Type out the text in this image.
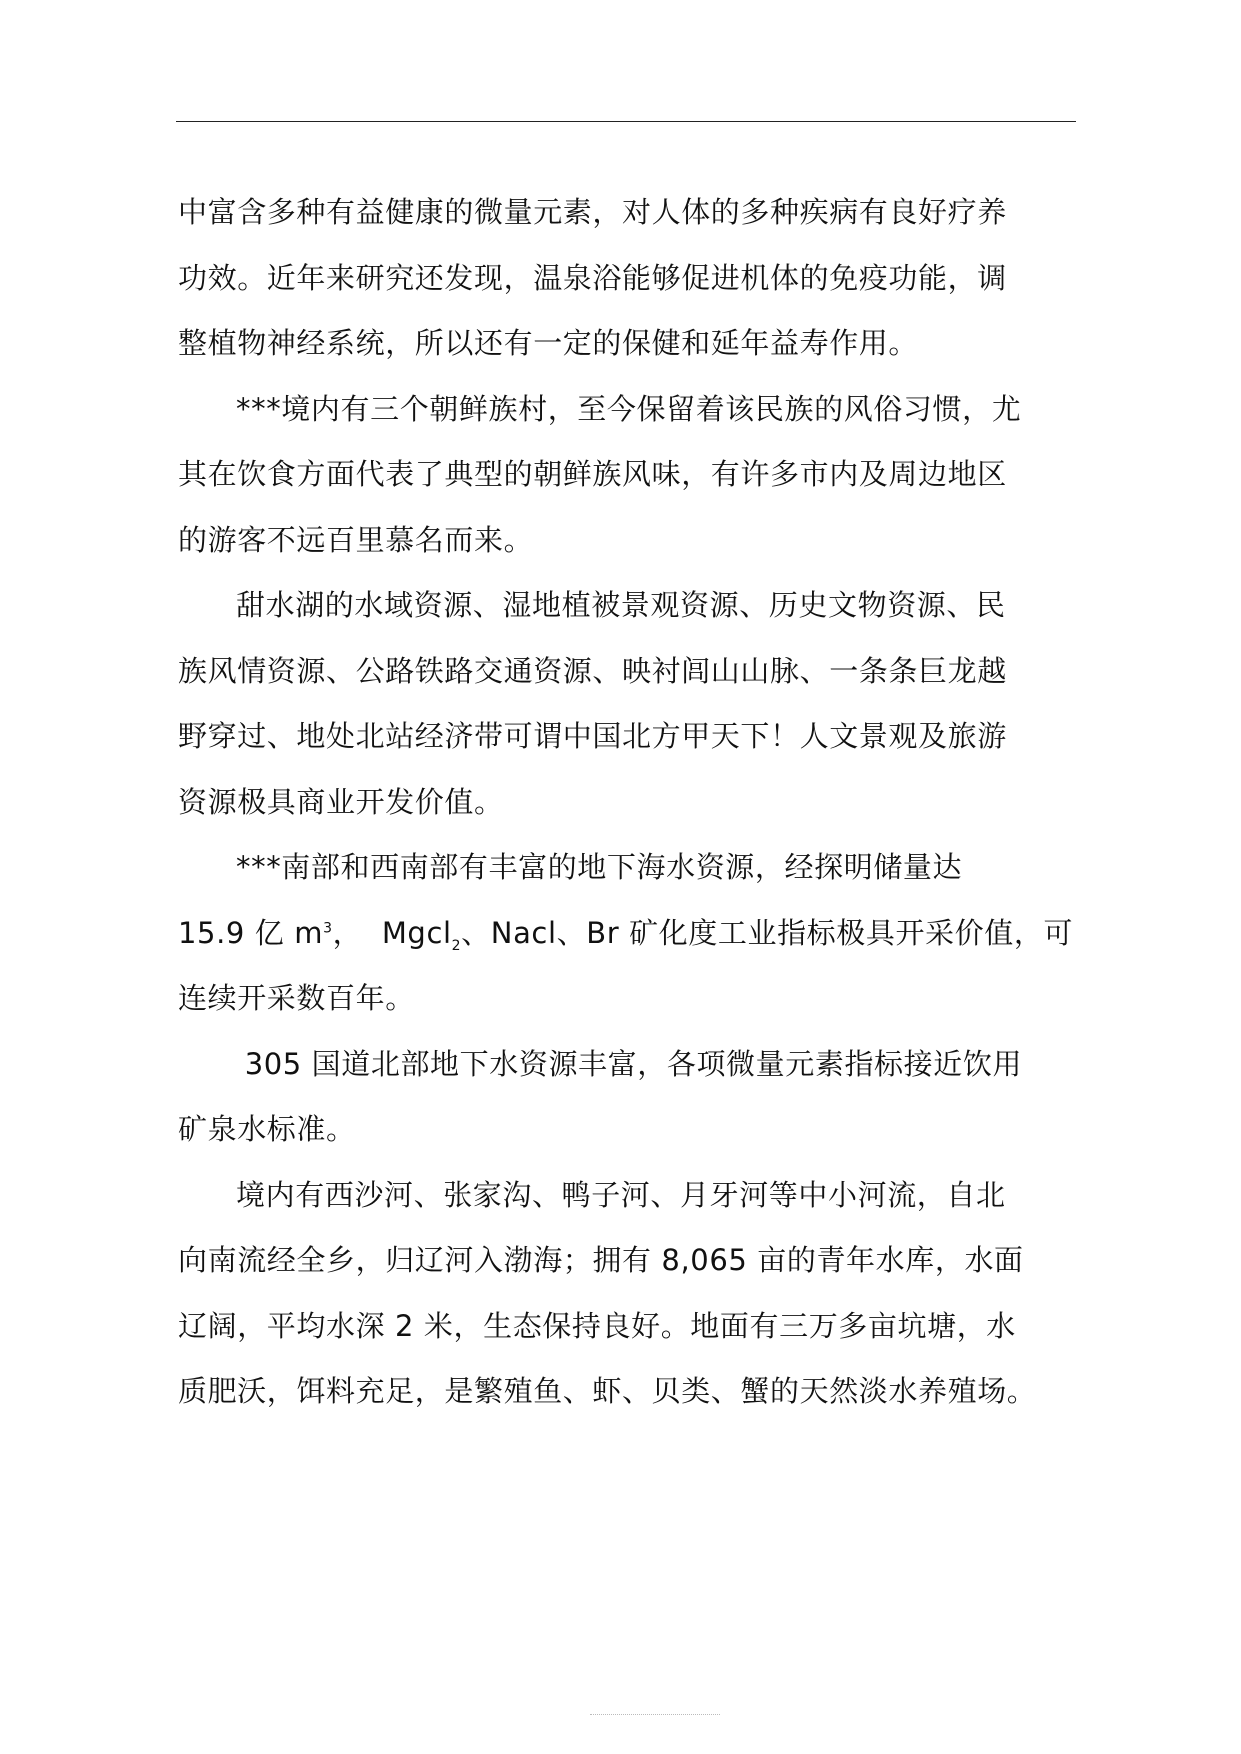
中富含多种有益健康的微量元素，对人体的多种疾病有良好疗养
功效。近年来研究还发现，温泉浴能够促进机体的免疫功能，调
整植物神经系统，所以还有一定的保健和延年益寿作用。

***境内有三个朝鲜族村，至今保留着该民族的风俗习惯，尤
其在饮食方面代表了典型的朝鲜族风味，有许多市内及周边地区
的游客不远百里慕名而来。

甜水湖的水域资源、湿地植被景观资源、历史文物资源、民
族风情资源、公路铁路交通资源、映衬闾山山脉、一条条巨龙越
野穿过、地处北站经济带可谓中国北方甲天下！人文景观及旅游
资源极具商业开发价值。

***南部和西南部有丰富的地下海水资源，经探明储量达
15.9 亿 $m^3$，  Mgcl$_2$、Nacl、Br 矿化度工业指标极具开采价值，可
连续开采数百年。

305 国道北部地下水资源丰富，各项微量元素指标接近饮用
矿泉水标准。

境内有西沙河、张家沟、鸭子河、月牙河等中小河流，自北
向南流经全乡，归辽河入渤海；拥有 8,065 亩的青年水库，水面
辽阔，平均水深 2 米，生态保持良好。地面有三万多亩坑塘，水
质肥沃，饵料充足，是繁殖鱼、虾、贝类、蟹的天然淡水养殖场。
